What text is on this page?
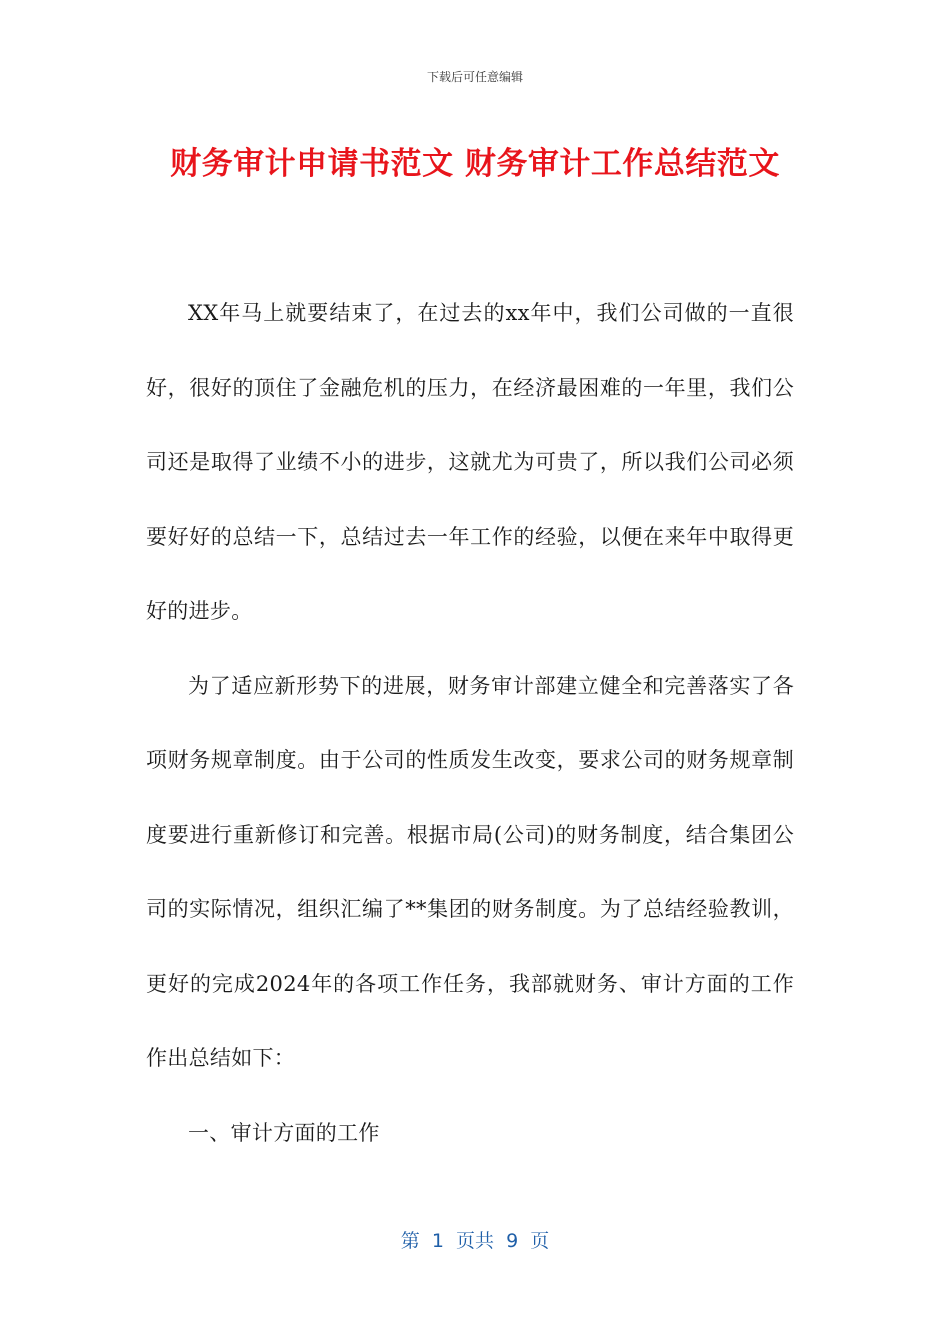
下载后可任意编辑
财务审计申请书范文 财务审计工作总结范文

XX年马上就要结束了，在过去的xx年中，我们公司做的一直很好，很好的顶住了金融危机的压力，在经济最困难的一年里，我们公司还是取得了业绩不小的进步，这就尤为可贵了，所以我们公司必须要好好的总结一下，总结过去一年工作的经验，以便在来年中取得更好的进步。

为了适应新形势下的进展，财务审计部建立健全和完善落实了各项财务规章制度。由于公司的性质发生改变，要求公司的财务规章制度要进行重新修订和完善。根据市局(公司)的财务制度，结合集团公司的实际情况，组织汇编了**集团的财务制度。为了总结经验教训，更好的完成2024年的各项工作任务，我部就财务、审计方面的工作作出总结如下：

一、审计方面的工作

第  1  页共  9  页
